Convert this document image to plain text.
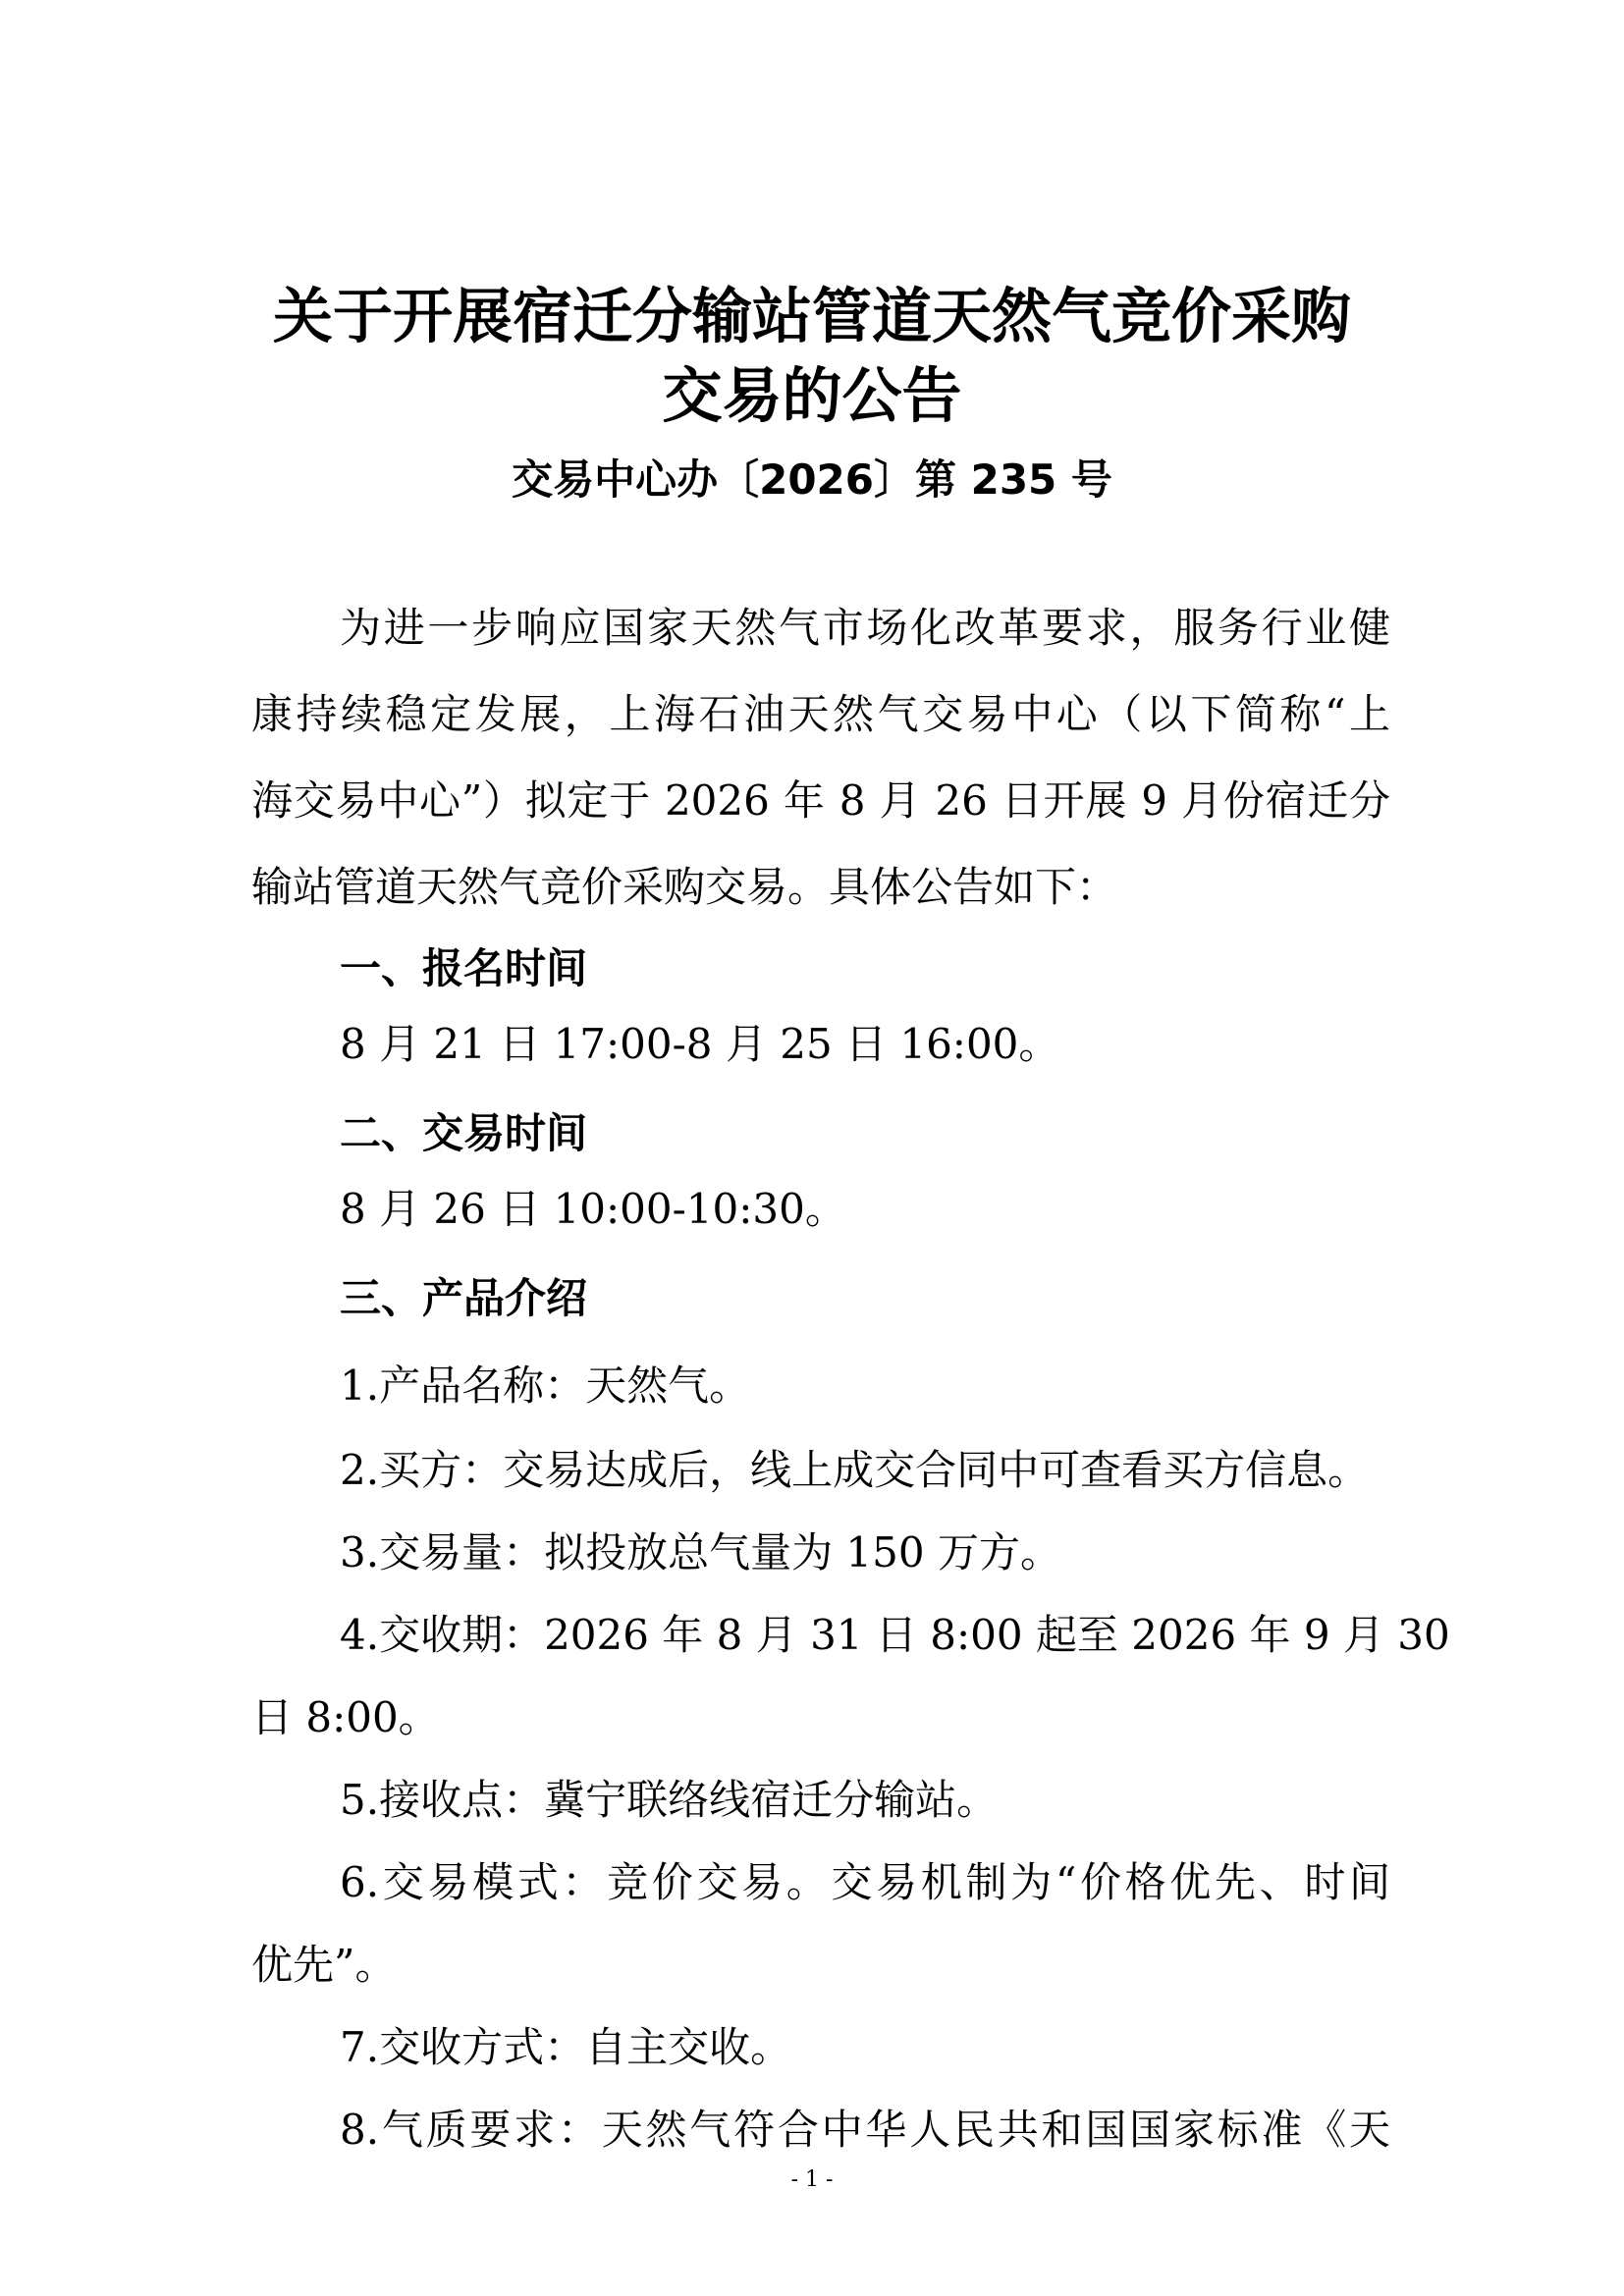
关于开展宿迁分输站管道天然气竞价采购
交易的公告
交易中心办〔2026〕第 235 号
为进一步响应国家天然气市场化改革要求，服务行业健
康持续稳定发展，上海石油天然气交易中心（以下简称“上
海交易中心”）拟定于 2026 年 8 月 26 日开展 9 月份宿迁分
输站管道天然气竞价采购交易。具体公告如下：
一、报名时间
8 月 21 日 17:00-8 月 25 日 16:00。
二、交易时间
8 月 26 日 10:00-10:30。
三、产品介绍
1.产品名称：天然气。
2.买方：交易达成后，线上成交合同中可查看买方信息。
3.交易量：拟投放总气量为 150 万方。
4.交收期：2026 年 8 月 31 日 8:00 起至 2026 年 9 月 30
日 8:00。
5.接收点：冀宁联络线宿迁分输站。
6.交易模式：竞价交易。交易机制为“价格优先、时间
优先”。
7.交收方式：自主交收。
8.气质要求：天然气符合中华人民共和国国家标准《天
- 1 -
